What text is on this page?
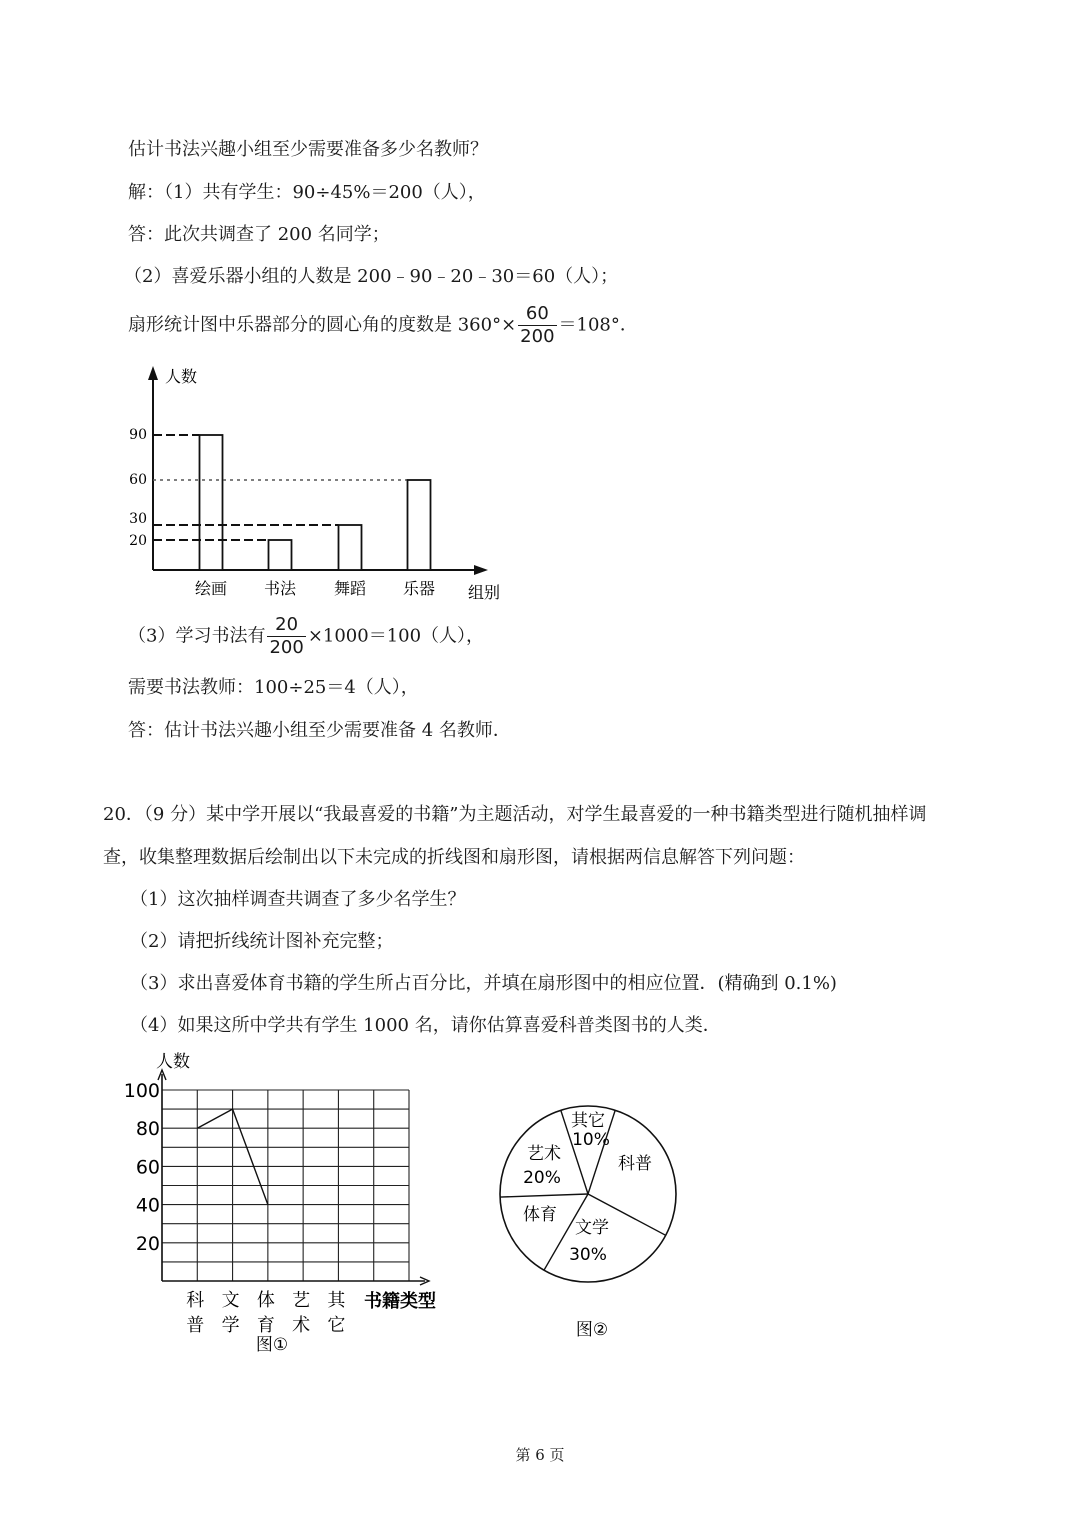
估计书法兴趣小组至少需要准备多少名教师？
解：（1）共有学生：90÷45%＝200（人），
答：此次共调查了 200 名同学；
（2）喜爱乐器小组的人数是 200﹣90﹣20﹣30＝60（人）；
扇形统计图中乐器部分的圆心角的度数是 $360^\circ\times \frac{60}{200} =108^\circ$．
人数
组别
绘画 书法 舞蹈 乐器
20
30
60
90
（3）学习书法有 $\frac{20}{200} \times 1000=100$（人），
需要书法教师：100÷25＝4（人），
答：估计书法兴趣小组至少需要准备 4 名教师．
20．（9 分）某中学开展以“我最喜爱的书籍”为主题活动，对学生最喜爱的一种书籍类型进行随机抽样调
查，收集整理数据后绘制出以下未完成的折线图和扇形图，请根据两信息解答下列问题：
（1）这次抽样调查共调查了多少名学生？
（2）请把折线统计图补充完整；
（3）求出喜爱体育书籍的学生所占百分比，并填在扇形图中的相应位置．(精确到 0.1%)
（4）如果这所中学共有学生 1000 名，请你估算喜爱科普类图书的人类．
人数
书籍类型
20
40
60
80
100
科
普
文
学
体
育
艺
术
其
它
图①
其它
10%
科普
文学
30%
体育
艺术
20%
图②
第 6 页
